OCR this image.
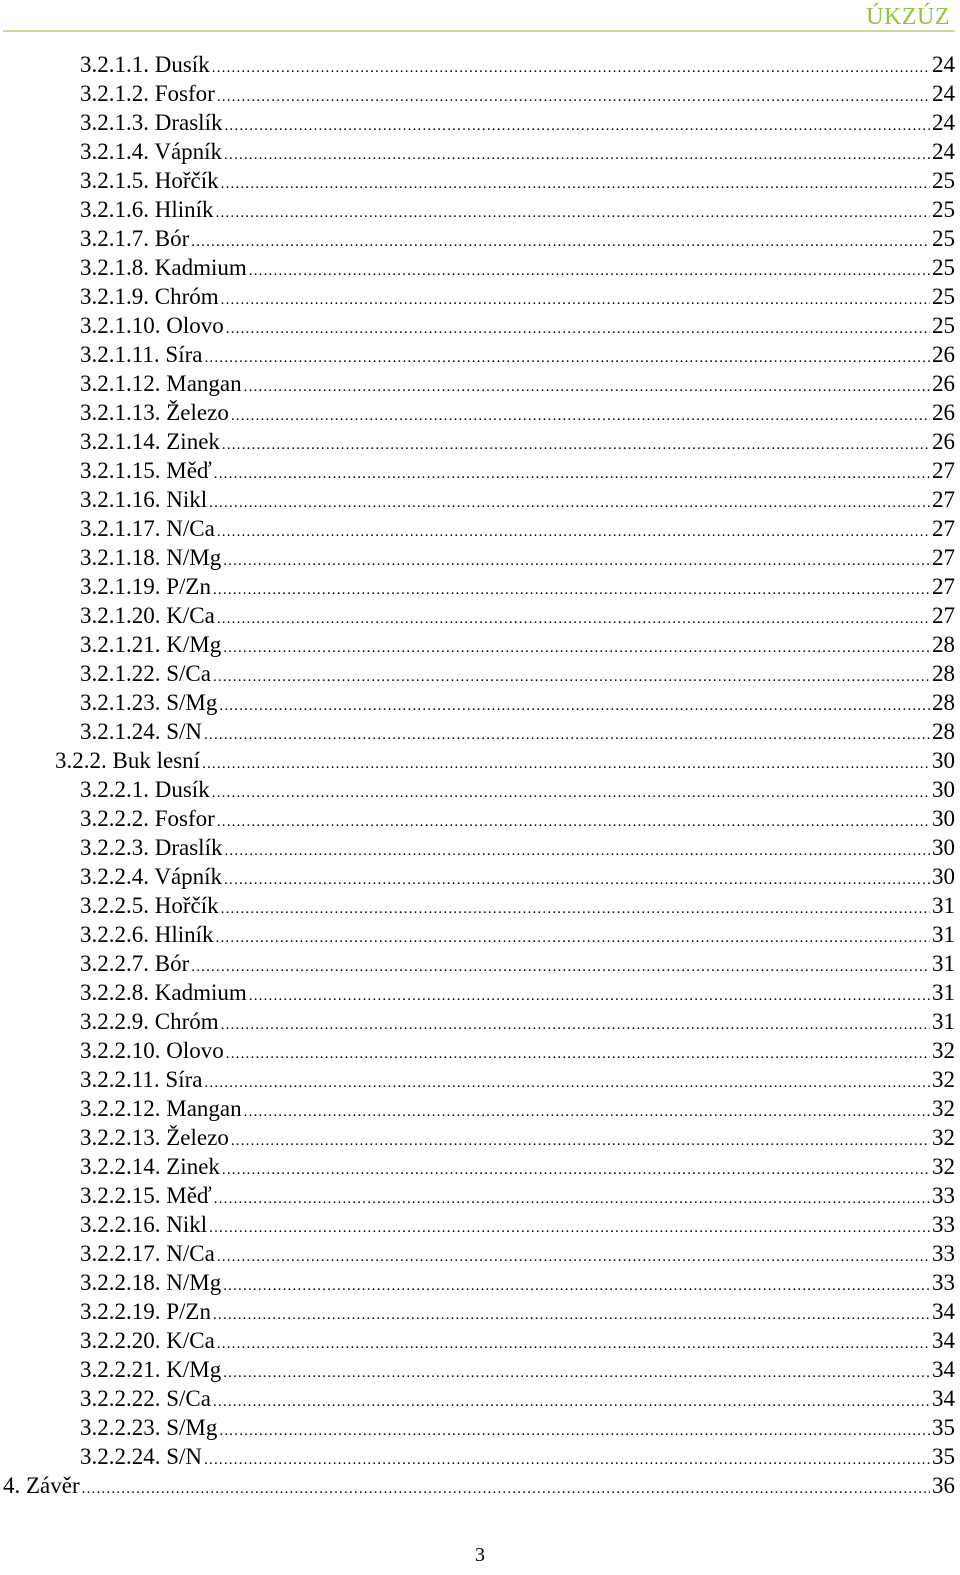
ÚKZÚZ
3.2.1.1. Dusík .....	24
3.2.1.2. Fosfor .....	24
3.2.1.3. Draslík .....	24
3.2.1.4. Vápník .....	24
3.2.1.5. Hořčík .....	25
3.2.1.6. Hliník .....	25
3.2.1.7. Bór .....	25
3.2.1.8. Kadmium .....	25
3.2.1.9. Chróm .....	25
3.2.1.10. Olovo .....	25
3.2.1.11. Síra .....	26
3.2.1.12. Mangan .....	26
3.2.1.13. Železo .....	26
3.2.1.14. Zinek .....	26
3.2.1.15. Měď .....	27
3.2.1.16. Nikl .....	27
3.2.1.17. N/Ca .....	27
3.2.1.18. N/Mg .....	27
3.2.1.19. P/Zn .....	27
3.2.1.20. K/Ca .....	27
3.2.1.21. K/Mg .....	28
3.2.1.22. S/Ca .....	28
3.2.1.23. S/Mg .....	28
3.2.1.24. S/N .....	28
3.2.2. Buk lesní .....	30
3.2.2.1. Dusík .....	30
3.2.2.2. Fosfor .....	30
3.2.2.3. Draslík .....	30
3.2.2.4. Vápník .....	30
3.2.2.5. Hořčík .....	31
3.2.2.6. Hliník .....	31
3.2.2.7. Bór .....	31
3.2.2.8. Kadmium .....	31
3.2.2.9. Chróm .....	31
3.2.2.10. Olovo .....	32
3.2.2.11. Síra .....	32
3.2.2.12. Mangan .....	32
3.2.2.13. Železo .....	32
3.2.2.14. Zinek .....	32
3.2.2.15. Měď .....	33
3.2.2.16. Nikl .....	33
3.2.2.17. N/Ca .....	33
3.2.2.18. N/Mg .....	33
3.2.2.19. P/Zn .....	34
3.2.2.20. K/Ca .....	34
3.2.2.21. K/Mg .....	34
3.2.2.22. S/Ca .....	34
3.2.2.23. S/Mg .....	35
3.2.2.24. S/N .....	35
4. Závěr .....	36
3
